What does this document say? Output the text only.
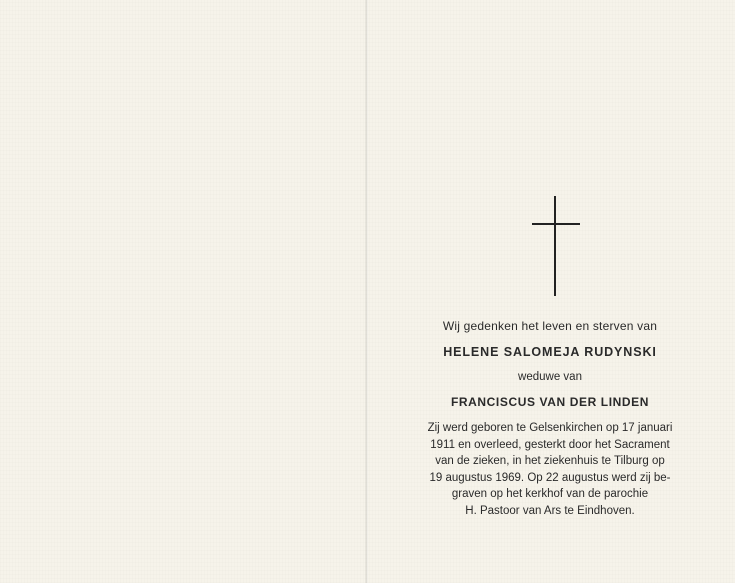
Wij gedenken het leven en sterven van

HELENE SALOMEJA RUDYNSKI

weduwe van

FRANCISCUS VAN DER LINDEN

Zij werd geboren te Gelsenkirchen op 17 januari
1911 en overleed, gesterkt door het Sacrament
van de zieken, in het ziekenhuis te Tilburg op
19 augustus 1969. Op 22 augustus werd zij be-
graven op het kerkhof van de parochie
H. Pastoor van Ars te Eindhoven.
